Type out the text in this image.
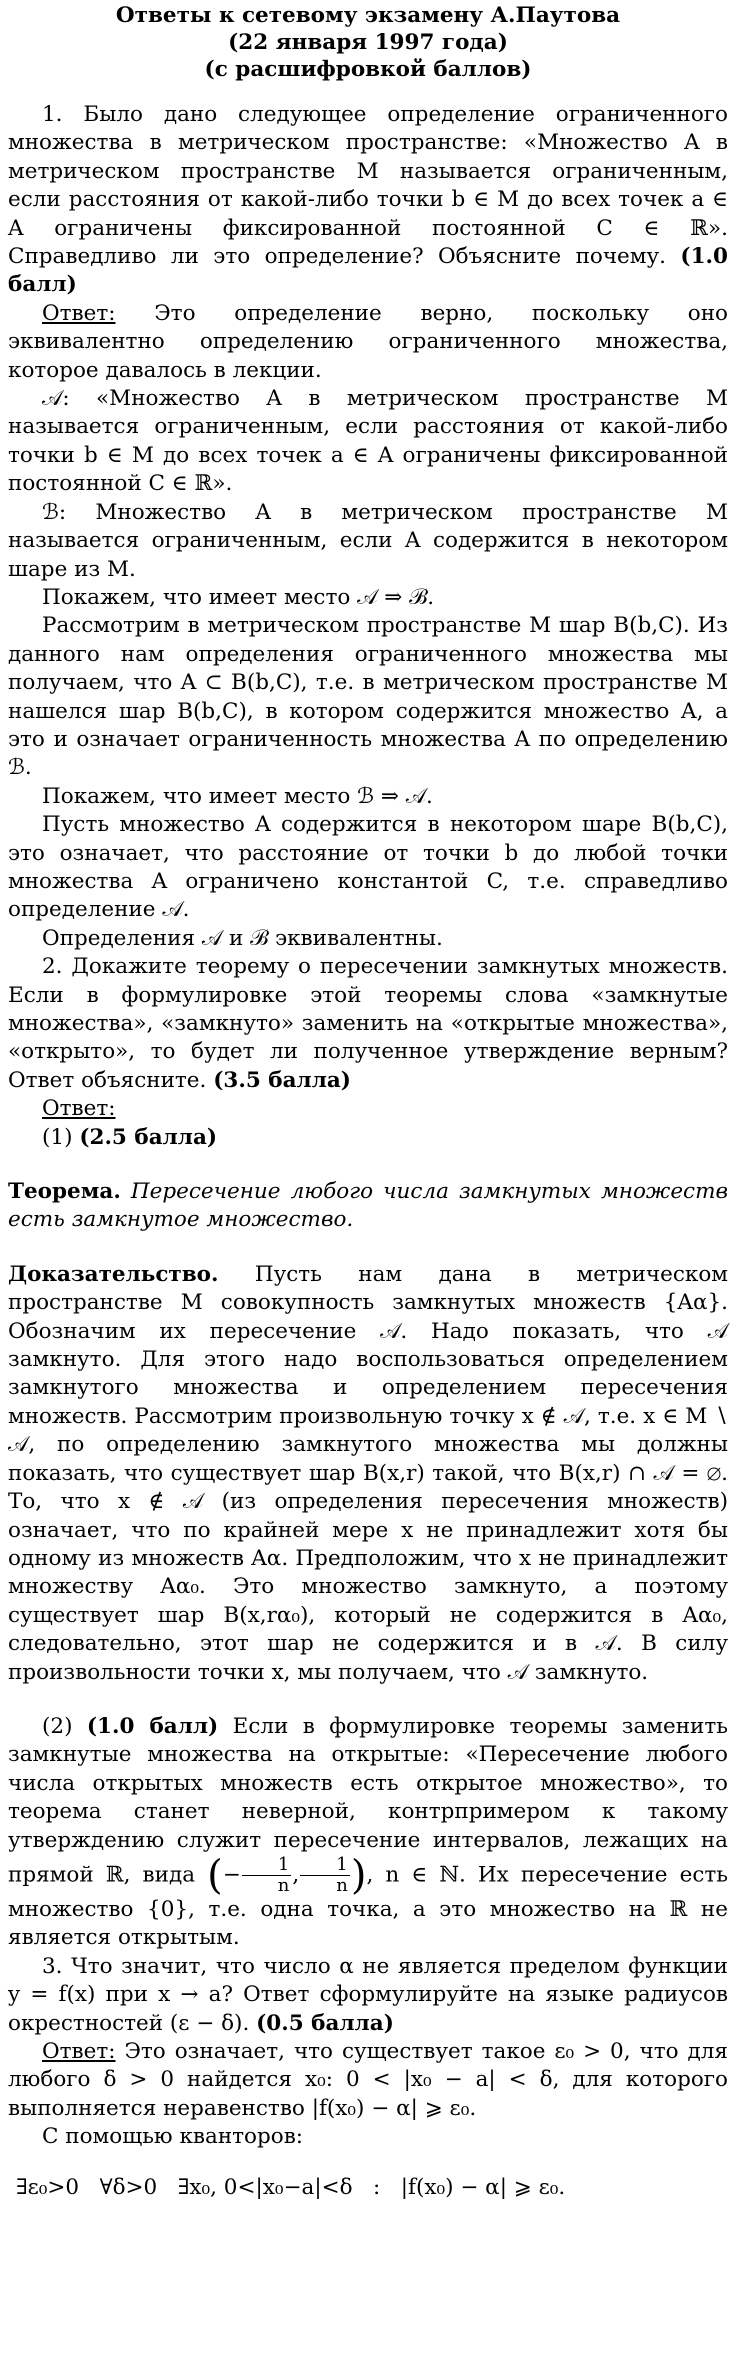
Ответы к сетевому экзамену А.Паутова
(22 января 1997 года)
(с расшифровкой баллов)

1. Было дано следующее определение ограниченного множества в метрическом пространстве: «Множество A в метрическом пространстве M называется ограниченным, если расстояния от какой-либо точки b ∈ M до всех точек a ∈ A ограничены фиксированной постоянной C ∈ ℝ». Справедливо ли это определение? Объясните почему. (1.0 балл)

Ответ: Это определение верно, поскольку оно эквивалентно определению ограниченного множества, которое давалось в лекции.

𝒜: «Множество A в метрическом пространстве M называется ограниченным, если расстояния от какой-либо точки b ∈ M до всех точек a ∈ A ограничены фиксированной постоянной C ∈ ℝ».

ℬ: Множество A в метрическом пространстве M называется ограниченным, если A содержится в некотором шаре из M.

Покажем, что имеет место 𝒜 ⇒ ℬ.

Рассмотрим в метрическом пространстве M шар B(b,C). Из данного нам определения ограниченного множества мы получаем, что A ⊂ B(b,C), т.е. в метрическом пространстве M нашелся шар B(b,C), в котором содержится множество A, а это и означает ограниченность множества A по определению ℬ.

Покажем, что имеет место ℬ ⇒ 𝒜.

Пусть множество A содержится в некотором шаре B(b,C), это означает, что расстояние от точки b до любой точки множества A ограничено константой C, т.е. справедливо определение 𝒜.

Определения 𝒜 и ℬ эквивалентны.

2. Докажите теорему о пересечении замкнутых множеств. Если в формулировке этой теоремы слова «замкнутые множества», «замкнуто» заменить на «открытые множества», «открыто», то будет ли полученное утверждение верным? Ответ объясните. (3.5 балла)

Ответ:

(1) (2.5 балла)

Теорема. Пересечение любого числа замкнутых множеств есть замкнутое множество.

Доказательство. Пусть нам дана в метрическом пространстве M совокупность замкнутых множеств {Aα}. Обозначим их пересечение 𝒜. Надо показать, что 𝒜 замкнуто. Для этого надо воспользоваться определением замкнутого множества и определением пересечения множеств. Рассмотрим произвольную точку x ∉ 𝒜, т.е. x ∈ M ∖ 𝒜, по определению замкнутого множества мы должны показать, что существует шар B(x,r) такой, что B(x,r) ∩ 𝒜 = ∅. То, что x ∉ 𝒜 (из определения пересечения множеств) означает, что по крайней мере x не принадлежит хотя бы одному из множеств Aα. Предположим, что x не принадлежит множеству Aα₀. Это множество замкнуто, а поэтому существует шар B(x,rα₀), который не содержится в Aα₀, следовательно, этот шар не содержится и в 𝒜. В силу произвольности точки x, мы получаем, что 𝒜 замкнуто.

(2) (1.0 балл) Если в формулировке теоремы заменить замкнутые множества на открытые: «Пересечение любого числа открытых множеств есть открытое множество», то теорема станет неверной, контрпримером к такому утверждению служит пересечение интервалов, лежащих на прямой ℝ, вида (− $\frac{1}{n}$ , $\frac{1}{n}$ ), n ∈ ℕ. Их пересечение есть множество {0}, т.е. одна точка, а это множество на ℝ не является открытым.

3. Что значит, что число α не является пределом функции y = f(x) при x → a? Ответ сформулируйте на языке радиусов окрестностей (ε − δ). (0.5 балла)

Ответ: Это означает, что существует такое ε₀ > 0, что для любого δ > 0 найдется x₀: 0 < |x₀ − a| < δ, для которого выполняется неравенство |f(x₀) − α| ⩾ ε₀.

С помощью кванторов:

∃ε₀>0   ∀δ>0   ∃x₀, 0<|x₀−a|<δ   :   |f(x₀) − α| ⩾ ε₀.
